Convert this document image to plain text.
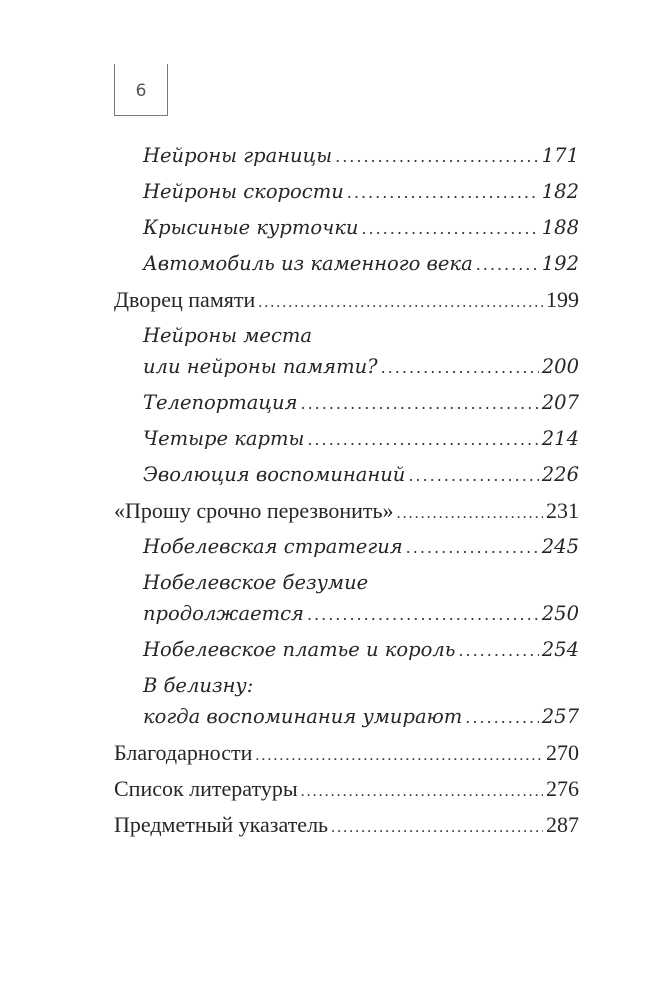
6
Нейроны границы .....	171
Нейроны скорости .....	182
Крысиные курточки .....	188
Автомобиль из каменного века .....	192
Дворец памяти .....	199
Нейроны места
или нейроны памяти? .....	200
Телепортация .....	207
Четыре карты .....	214
Эволюция воспоминаний .....	226
«Прошу срочно перезвонить» .....	231
Нобелевская стратегия .....	245
Нобелевское безумие
продолжается .....	250
Нобелевское платье и король .....	254
В белизну:
когда воспоминания умирают .....	257
Благодарности .....	270
Список литературы .....	276
Предметный указатель .....	287
